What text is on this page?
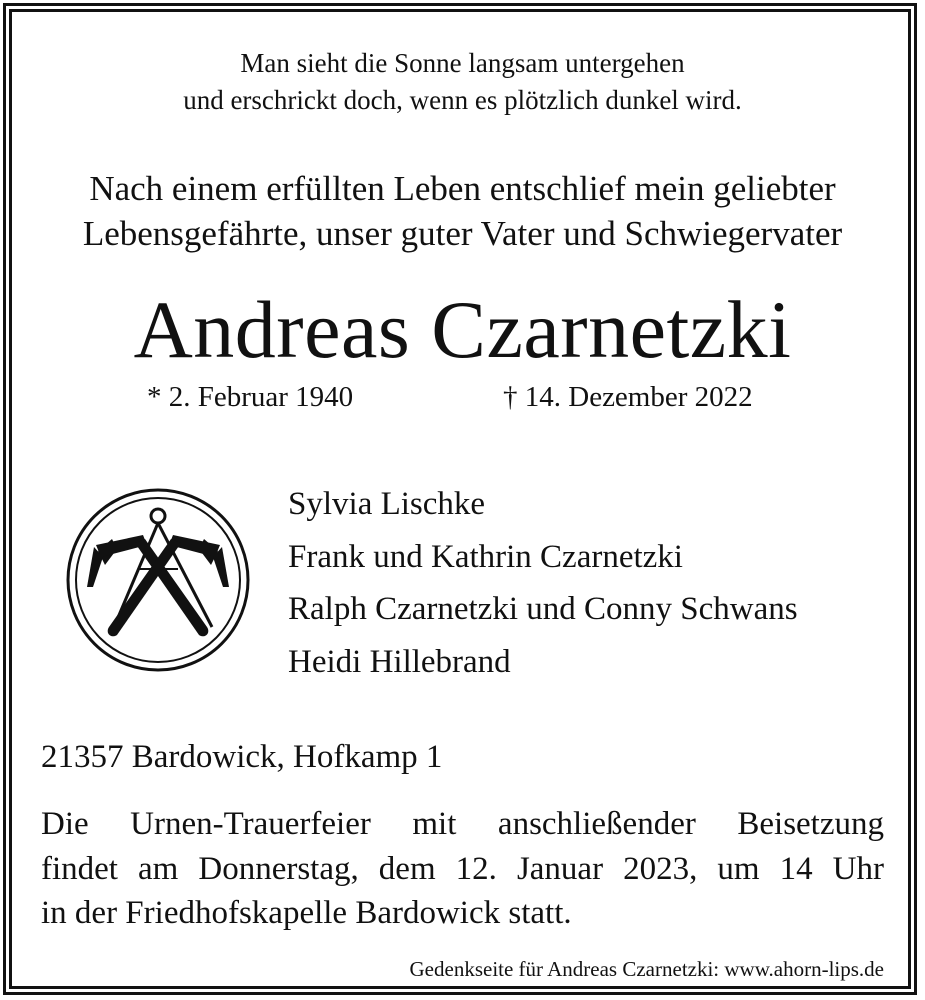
Man sieht die Sonne langsam untergehen
und erschrickt doch, wenn es plötzlich dunkel wird.
Nach einem erfüllten Leben entschlief mein geliebter
Lebensgefährte, unser guter Vater und Schwiegervater
Andreas Czarnetzki
* 2. Februar 1940	† 14. Dezember 2022
Sylvia Lischke
Frank und Kathrin Czarnetzki
Ralph Czarnetzki und Conny Schwans
Heidi Hillebrand
21357 Bardowick, Hofkamp 1
Die Urnen-Trauerfeier mit anschließender Beisetzung
findet am Donnerstag, dem 12. Januar 2023, um 14 Uhr
in der Friedhofskapelle Bardowick statt.
Gedenkseite für Andreas Czarnetzki: www.ahorn-lips.de
